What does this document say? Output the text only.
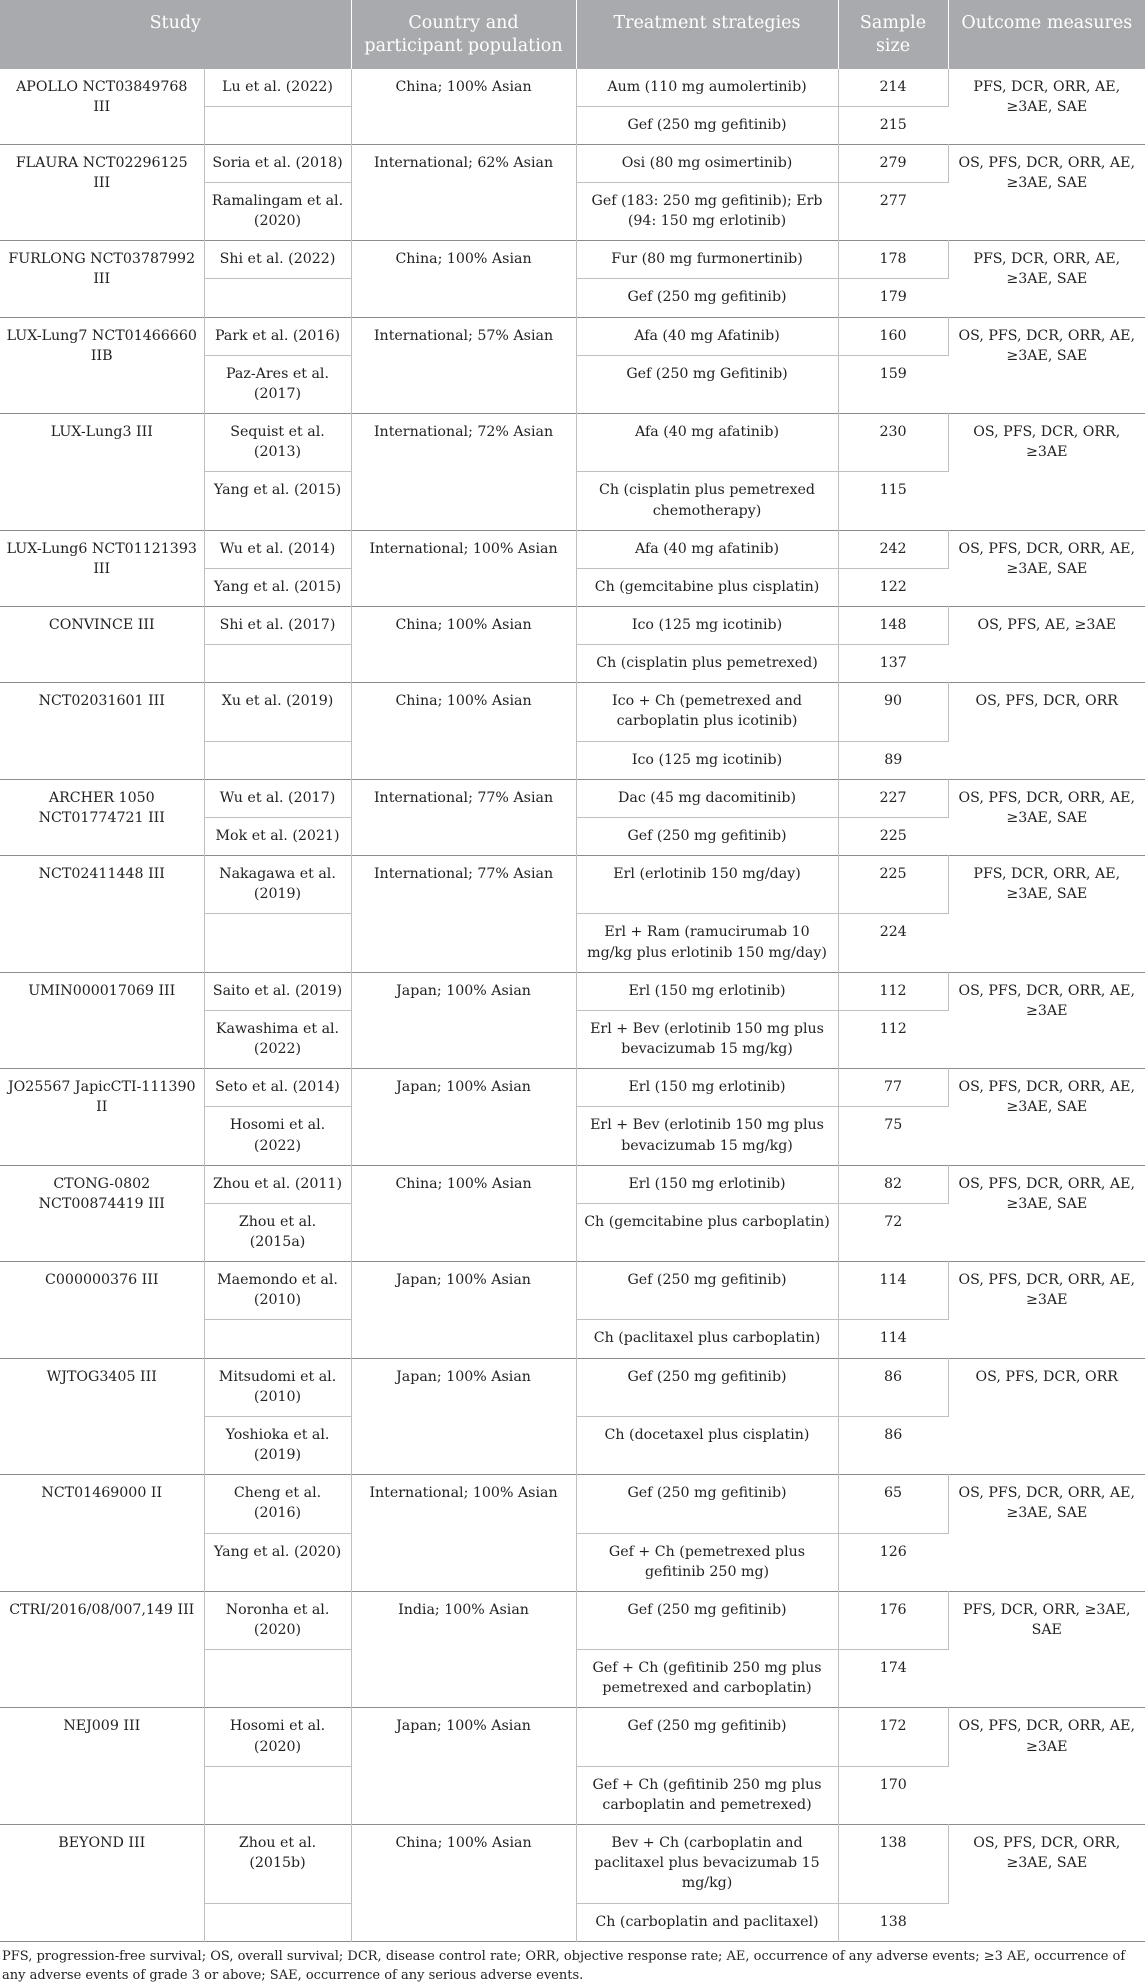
Study		Country and participant population	Treatment strategies	Sample size	Outcome measures
APOLLO NCT03849768 III	Lu et al. (2022)	China; 100% Asian	Aum (110 mg aumolertinib)	214	PFS, DCR, ORR, AE, ≥3AE, SAE
			Gef (250 mg gefitinib)	215	
FLAURA NCT02296125 III	Soria et al. (2018)	International; 62% Asian	Osi (80 mg osimertinib)	279	OS, PFS, DCR, ORR, AE, ≥3AE, SAE
	Ramalingam et al. (2020)		Gef (183: 250 mg gefitinib); Erb (94: 150 mg erlotinib)	277	
FURLONG NCT03787992 III	Shi et al. (2022)	China; 100% Asian	Fur (80 mg furmonertinib)	178	PFS, DCR, ORR, AE, ≥3AE, SAE
			Gef (250 mg gefitinib)	179	
LUX-Lung7 NCT01466660 IIB	Park et al. (2016)	International; 57% Asian	Afa (40 mg Afatinib)	160	OS, PFS, DCR, ORR, AE, ≥3AE, SAE
	Paz-Ares et al. (2017)		Gef (250 mg Gefitinib)	159	
LUX-Lung3 III	Sequist et al. (2013)	International; 72% Asian	Afa (40 mg afatinib)	230	OS, PFS, DCR, ORR, ≥3AE
	Yang et al. (2015)		Ch (cisplatin plus pemetrexed chemotherapy)	115	
LUX-Lung6 NCT01121393 III	Wu et al. (2014)	International; 100% Asian	Afa (40 mg afatinib)	242	OS, PFS, DCR, ORR, AE, ≥3AE, SAE
	Yang et al. (2015)		Ch (gemcitabine plus cisplatin)	122	
CONVINCE III	Shi et al. (2017)	China; 100% Asian	Ico (125 mg icotinib)	148	OS, PFS, AE, ≥3AE
			Ch (cisplatin plus pemetrexed)	137	
NCT02031601 III	Xu et al. (2019)	China; 100% Asian	Ico + Ch (pemetrexed and carboplatin plus icotinib)	90	OS, PFS, DCR, ORR
			Ico (125 mg icotinib)	89	
ARCHER 1050 NCT01774721 III	Wu et al. (2017)	International; 77% Asian	Dac (45 mg dacomitinib)	227	OS, PFS, DCR, ORR, AE, ≥3AE, SAE
	Mok et al. (2021)		Gef (250 mg gefitinib)	225	
NCT02411448 III	Nakagawa et al. (2019)	International; 77% Asian	Erl (erlotinib 150 mg/day)	225	PFS, DCR, ORR, AE, ≥3AE, SAE
			Erl + Ram (ramucirumab 10 mg/kg plus erlotinib 150 mg/day)	224	
UMIN000017069 III	Saito et al. (2019)	Japan; 100% Asian	Erl (150 mg erlotinib)	112	OS, PFS, DCR, ORR, AE, ≥3AE
	Kawashima et al. (2022)		Erl + Bev (erlotinib 150 mg plus bevacizumab 15 mg/kg)	112	
JO25567 JapicCTI-111390 II	Seto et al. (2014)	Japan; 100% Asian	Erl (150 mg erlotinib)	77	OS, PFS, DCR, ORR, AE, ≥3AE, SAE
	Hosomi et al. (2022)		Erl + Bev (erlotinib 150 mg plus bevacizumab 15 mg/kg)	75	
CTONG-0802 NCT00874419 III	Zhou et al. (2011)	China; 100% Asian	Erl (150 mg erlotinib)	82	OS, PFS, DCR, ORR, AE, ≥3AE, SAE
	Zhou et al. (2015a)		Ch (gemcitabine plus carboplatin)	72	
C000000376 III	Maemondo et al. (2010)	Japan; 100% Asian	Gef (250 mg gefitinib)	114	OS, PFS, DCR, ORR, AE, ≥3AE
			Ch (paclitaxel plus carboplatin)	114	
WJTOG3405 III	Mitsudomi et al. (2010)	Japan; 100% Asian	Gef (250 mg gefitinib)	86	OS, PFS, DCR, ORR
	Yoshioka et al. (2019)		Ch (docetaxel plus cisplatin)	86	
NCT01469000 II	Cheng et al. (2016)	International; 100% Asian	Gef (250 mg gefitinib)	65	OS, PFS, DCR, ORR, AE, ≥3AE, SAE
	Yang et al. (2020)		Gef + Ch (pemetrexed plus gefitinib 250 mg)	126	
CTRI/2016/08/007,149 III	Noronha et al. (2020)	India; 100% Asian	Gef (250 mg gefitinib)	176	PFS, DCR, ORR, ≥3AE, SAE
			Gef + Ch (gefitinib 250 mg plus pemetrexed and carboplatin)	174	
NEJ009 III	Hosomi et al. (2020)	Japan; 100% Asian	Gef (250 mg gefitinib)	172	OS, PFS, DCR, ORR, AE, ≥3AE
			Gef + Ch (gefitinib 250 mg plus carboplatin and pemetrexed)	170	
BEYOND III	Zhou et al. (2015b)	China; 100% Asian	Bev + Ch (carboplatin and paclitaxel plus bevacizumab 15 mg/kg)	138	OS, PFS, DCR, ORR, ≥3AE, SAE
			Ch (carboplatin and paclitaxel)	138	
PFS, progression-free survival; OS, overall survival; DCR, disease control rate; ORR, objective response rate; AE, occurrence of any adverse events; ≥3 AE, occurrence of any adverse events of grade 3 or above; SAE, occurrence of any serious adverse events.
